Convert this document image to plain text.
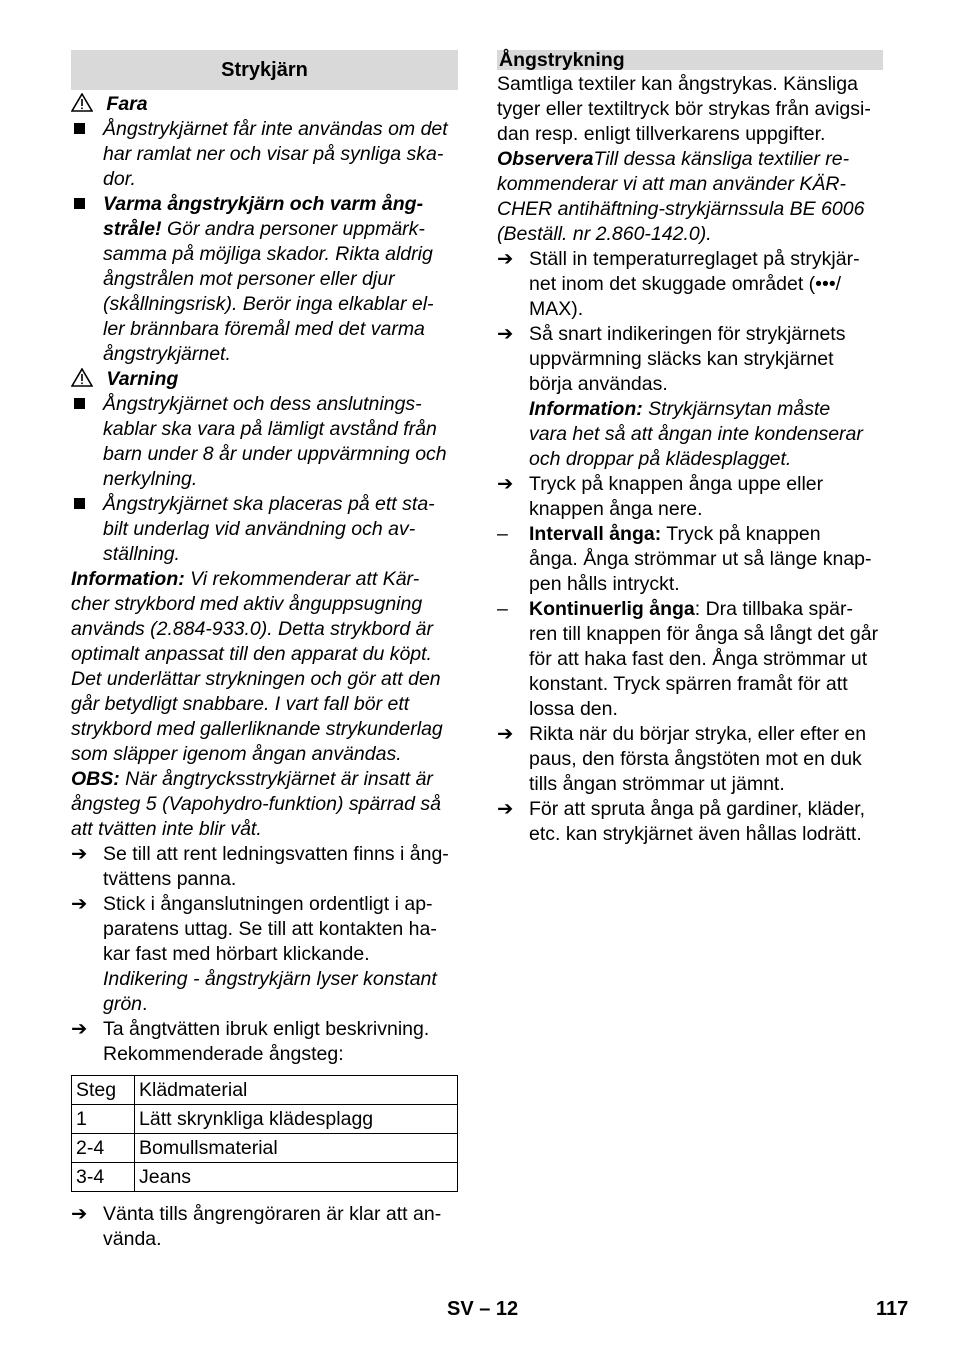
Strykjärn
Fara
Ångstrykjärnet får inte användas om det
har ramlat ner och visar på synliga ska-
dor.
Varma ångstrykjärn och varm ång-
stråle! Gör andra personer uppmärk-
samma på möjliga skador. Rikta aldrig
ångstrålen mot personer eller djur
(skållningsrisk). Berör inga elkablar el-
ler brännbara föremål med det varma
ångstrykjärnet.
Varning
Ångstrykjärnet och dess anslutnings-
kablar ska vara på lämligt avstånd från
barn under 8 år under uppvärmning och
nerkylning.
Ångstrykjärnet ska placeras på ett sta-
bilt underlag vid användning och av-
ställning.
Information: Vi rekommenderar att Kär-
cher strykbord med aktiv ånguppsugning
används (2.884-933.0). Detta strykbord är
optimalt anpassat till den apparat du köpt.
Det underlättar strykningen och gör att den
går betydligt snabbare. I vart fall bör ett
strykbord med gallerliknande strykunderlag
som släpper igenom ångan användas.
OBS: När ångtrycksstrykjärnet är insatt är
ångsteg 5 (Vapohydro-funktion) spärrad så
att tvätten inte blir våt.
➔ Se till att rent ledningsvatten finns i ång-
tvättens panna.
➔ Stick i ånganslutningen ordentligt i ap-
paratens uttag. Se till att kontakten ha-
kar fast med hörbart klickande.
Indikering - ångstrykjärn lyser konstant
grön.
➔ Ta ångtvätten ibruk enligt beskrivning.
Rekommenderade ångsteg:
Steg	Klädmaterial
1	Lätt skrynkliga klädesplagg
2-4	Bomullsmaterial
3-4	Jeans
➔ Vänta tills ångrengöraren är klar att an-
vända.
Ångstrykning
Samtliga textiler kan ångstrykas. Känsliga
tyger eller textiltryck bör strykas från avigsi-
dan resp. enligt tillverkarens uppgifter.
ObserveraTill dessa känsliga textilier re-
kommenderar vi att man använder KÄR-
CHER antihäftning-strykjärnssula BE 6006
(Beställ. nr 2.860-142.0).
➔ Ställ in temperaturreglaget på strykjär-
net inom det skuggade området (•••/
MAX).
➔ Så snart indikeringen för strykjärnets
uppvärmning släcks kan strykjärnet
börja användas.
Information: Strykjärnsytan måste
vara het så att ångan inte kondenserar
och droppar på klädesplagget.
➔ Tryck på knappen ånga uppe eller
knappen ånga nere.
–	Intervall ånga: Tryck på knappen
ånga. Ånga strömmar ut så länge knap-
pen hålls intryckt.
–	Kontinuerlig ånga: Dra tillbaka spär-
ren till knappen för ånga så långt det går
för att haka fast den. Ånga strömmar ut
konstant. Tryck spärren framåt för att
lossa den.
➔ Rikta när du börjar stryka, eller efter en
paus, den första ångstöten mot en duk
tills ångan strömmar ut jämnt.
➔ För att spruta ånga på gardiner, kläder,
etc. kan strykjärnet även hållas lodrätt.
SV – 12	117
